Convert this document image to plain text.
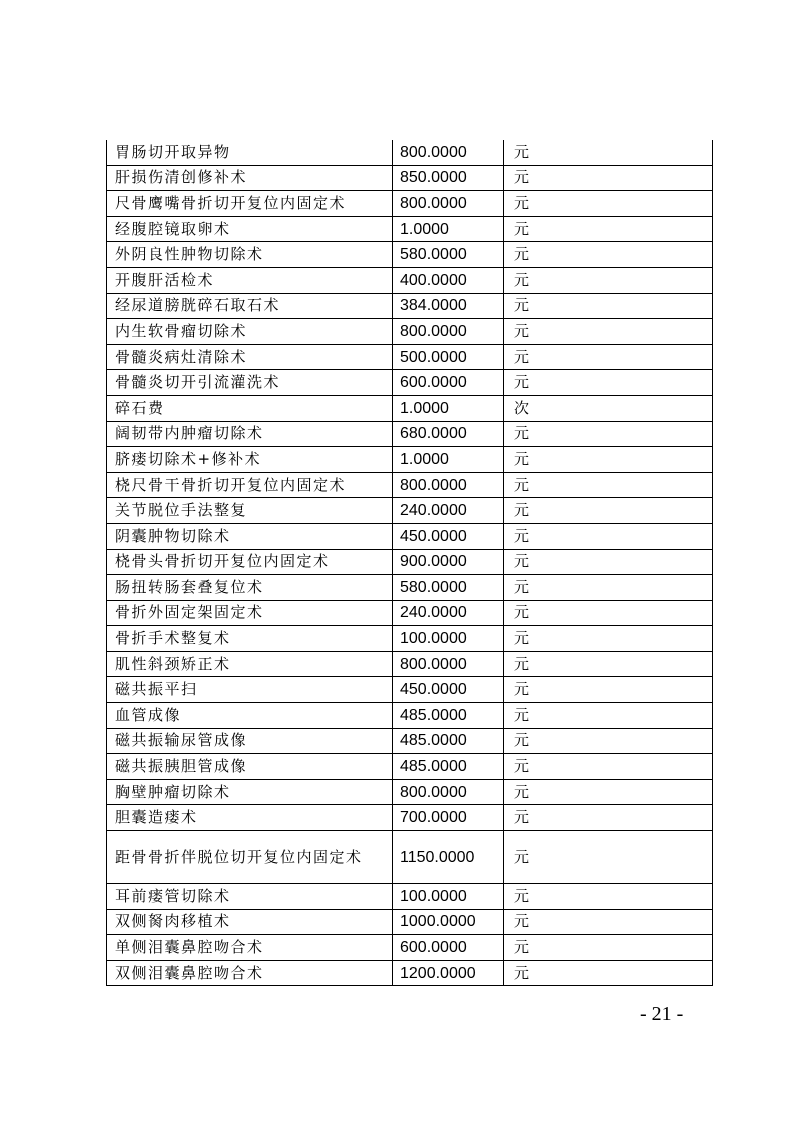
胃肠切开取异物	800.0000	元
肝损伤清创修补术	850.0000	元
尺骨鹰嘴骨折切开复位内固定术	800.0000	元
经腹腔镜取卵术	1.0000	元
外阴良性肿物切除术	580.0000	元
开腹肝活检术	400.0000	元
经尿道膀胱碎石取石术	384.0000	元
内生软骨瘤切除术	800.0000	元
骨髓炎病灶清除术	500.0000	元
骨髓炎切开引流灌洗术	600.0000	元
碎石费	1.0000	次
阔韧带内肿瘤切除术	680.0000	元
脐瘘切除术+修补术	1.0000	元
桡尺骨干骨折切开复位内固定术	800.0000	元
关节脱位手法整复	240.0000	元
阴囊肿物切除术	450.0000	元
桡骨头骨折切开复位内固定术	900.0000	元
肠扭转肠套叠复位术	580.0000	元
骨折外固定架固定术	240.0000	元
骨折手术整复术	100.0000	元
肌性斜颈矫正术	800.0000	元
磁共振平扫	450.0000	元
血管成像	485.0000	元
磁共振输尿管成像	485.0000	元
磁共振胰胆管成像	485.0000	元
胸壁肿瘤切除术	800.0000	元
胆囊造瘘术	700.0000	元
距骨骨折伴脱位切开复位内固定术	1150.0000	元
耳前瘘管切除术	100.0000	元
双侧胬肉移植术	1000.0000	元
单侧泪囊鼻腔吻合术	600.0000	元
双侧泪囊鼻腔吻合术	1200.0000	元
- 21 -
